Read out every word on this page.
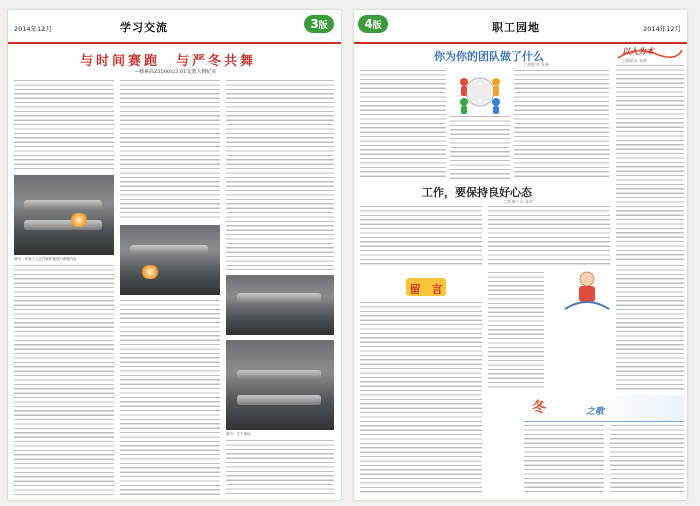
2014年12月	学习交流	3版
与时间赛跑　与严冬共舞
—精素高Z3500/23.6T支架大修纪实
图为：车间工人正在紧张地进行维修作业
图为：生产现场
4版	职工园地	2014年12月
你为你的团队做了什么
□钢院办 朱新
以人为本
□钢院办 朱新
工作，要保持良好心态
□机械公司 张明
留　言
冬	之歌
